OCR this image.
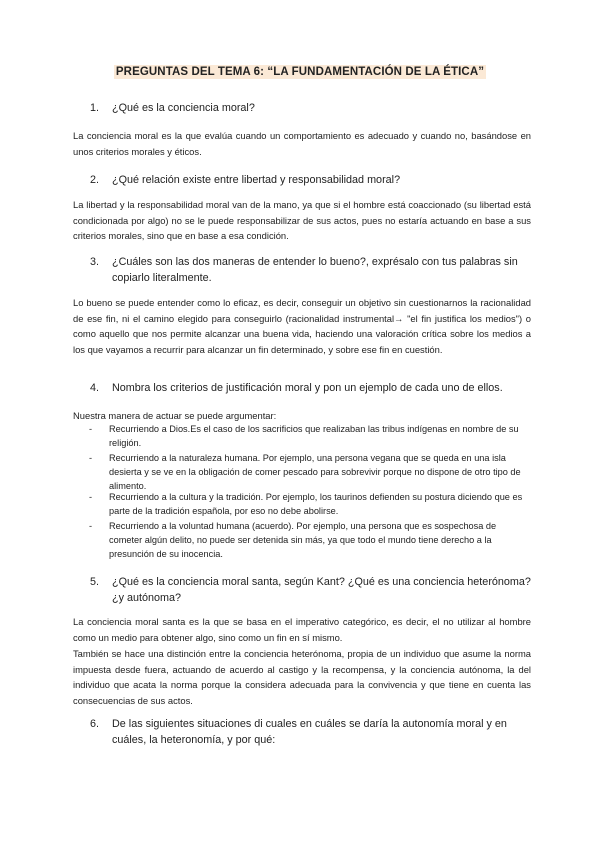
PREGUNTAS DEL TEMA 6: “LA FUNDAMENTACIÓN DE LA ÉTICA”
1. ¿Qué es la conciencia moral?
La conciencia moral es la que evalúa cuando un comportamiento es adecuado y cuando no, basándose en unos criterios morales y éticos.
2. ¿Qué relación existe entre libertad y responsabilidad moral?
La libertad y la responsabilidad moral van de la mano, ya que si el hombre está coaccionado (su libertad está condicionada por algo) no se le puede responsabilizar de sus actos, pues no estaría actuando en base a sus criterios morales, sino que en base a esa condición.
3. ¿Cuáles son las dos maneras de entender lo bueno?, exprésalo con tus palabras sin copiarlo literalmente.
Lo bueno se puede entender como lo eficaz, es decir, conseguir un objetivo sin cuestionarnos la racionalidad de ese fin, ni el camino elegido para conseguirlo (racionalidad instrumental→ "el fin justifica los medios") o como aquello que nos permite alcanzar una buena vida, haciendo una valoración crítica sobre los medios a los que vayamos a recurrir para alcanzar un fin determinado, y sobre ese fin en cuestión.
4. Nombra los criterios de justificación moral y pon un ejemplo de cada uno de ellos.
Nuestra manera de actuar se puede argumentar:
- Recurriendo a Dios.Es el caso de los sacrificios que realizaban las tribus indígenas en nombre de su religión.
- Recurriendo a la naturaleza humana. Por ejemplo, una persona vegana que se queda en una isla desierta y se ve en la obligación de comer pescado para sobrevivir porque no dispone de otro tipo de alimento.
- Recurriendo a la cultura y la tradición. Por ejemplo, los taurinos defienden su postura diciendo que es parte de la tradición española, por eso no debe abolirse.
- Recurriendo a la voluntad humana (acuerdo). Por ejemplo, una persona que es sospechosa de cometer algún delito, no puede ser detenida sin más, ya que todo el mundo tiene derecho a la presunción de su inocencia.
5. ¿Qué es la conciencia moral santa, según Kant? ¿Qué es una conciencia heterónoma? ¿y autónoma?
La conciencia moral santa es la que se basa en el imperativo categórico, es decir, el no utilizar al hombre como un medio para obtener algo, sino como un fin en sí mismo.
También se hace una distinción entre la conciencia heterónoma, propia de un individuo que asume la norma impuesta desde fuera, actuando de acuerdo al castigo y la recompensa, y la conciencia autónoma, la del individuo que acata la norma porque la considera adecuada para la convivencia y que tiene en cuenta las consecuencias de sus actos.
6. De las siguientes situaciones di cuales en cuáles se daría la autonomía moral y en cuáles, la heteronomía, y por qué:
